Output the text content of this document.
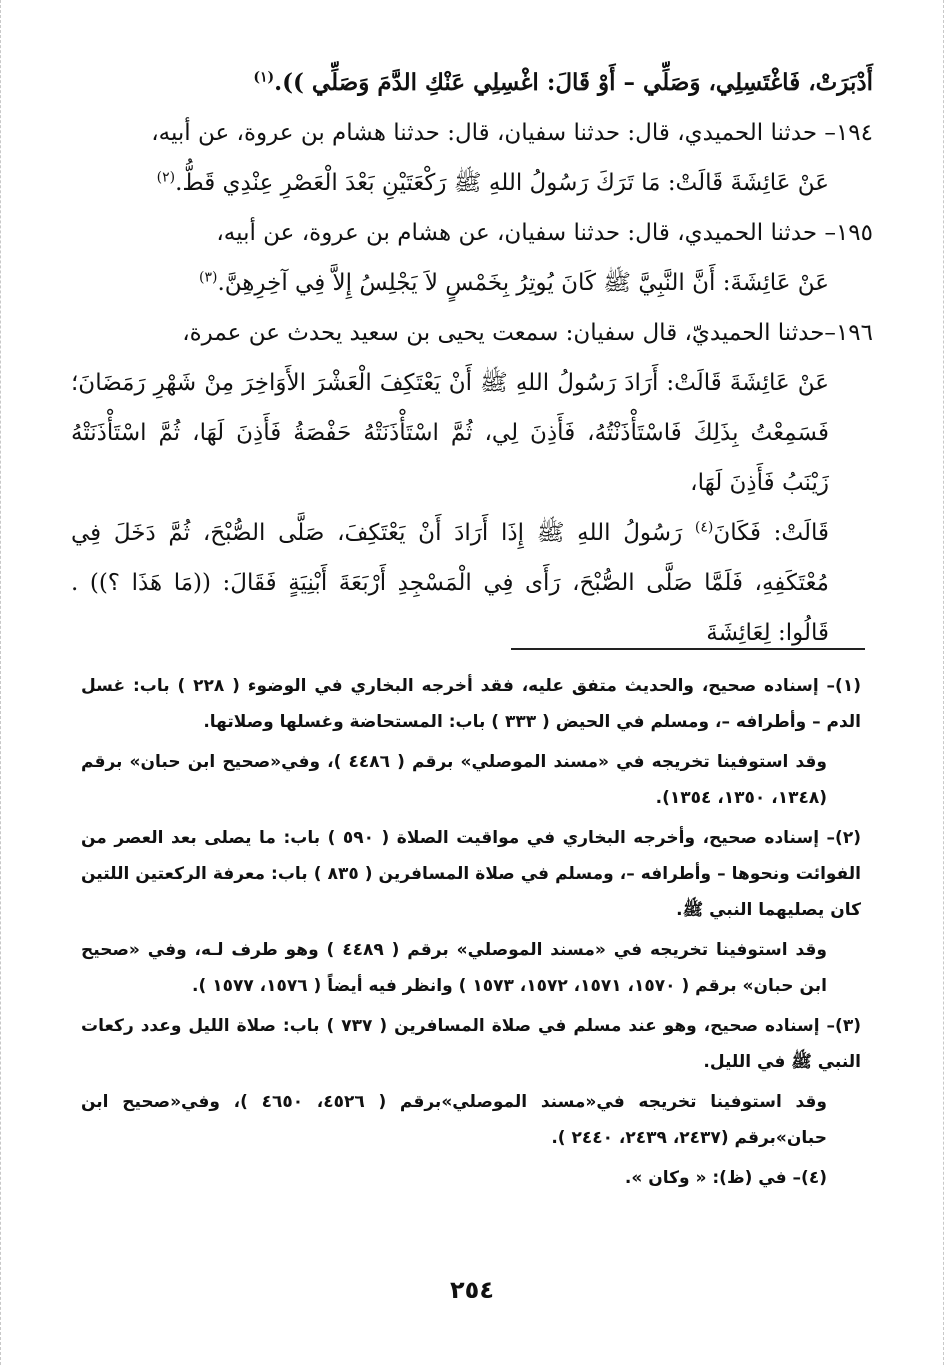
أَدْبَرَتْ، فَاغْتَسِلِي، وَصَلِّي – أَوْ قَالَ: اغْسِلِي عَنْكِ الدَّمَ وَصَلِّي )).$^{(١)}$

١٩٤– حدثنا الحميدي، قال: حدثنا سفيان، قال: حدثنا هشام بن عروة، عن أبيه،

عَنْ عَائِشَةَ قَالَتْ: مَا تَرَكَ رَسُولُ اللهِ ﷺ رَكْعَتَيْنِ بَعْدَ الْعَصْرِ عِنْدِي قَطُّ.$^{(٢)}$

١٩٥– حدثنا الحميدي، قال: حدثنا سفيان، عن هشام بن عروة، عن أبيه،

عَنْ عَائِشَةَ: أَنَّ النَّبِيَّ ﷺ كَانَ يُوتِرُ بِخَمْسٍ لاَ يَجْلِسُ إِلاَّ فِي آخِرِهِنَّ.$^{(٣)}$

١٩٦–حدثنا الحميديّ، قال سفيان: سمعت يحيى بن سعيد يحدث عن عمرة،

عَنْ عَائِشَةَ قَالَتْ: أَرَادَ رَسُولُ اللهِ ﷺ أَنْ يَعْتَكِفَ الْعَشْرَ الأَوَاخِرَ مِنْ شَهْرِ رَمَضَانَ؛ فَسَمِعْتُ بِذَلِكَ فَاسْتَأْذَنْتُهُ، فَأَذِنَ لِي، ثُمَّ اسْتَأْذَنَتْهُ حَفْصَةُ فَأَذِنَ لَهَا، ثُمَّ اسْتَأْذَنَتْهُ زَيْنَبُ فَأَذِنَ لَهَا،

قَالَتْ: فَكَانَ$^{(٤)}$ رَسُولُ اللهِ ﷺ إِذَا أَرَادَ أَنْ يَعْتَكِفَ، صَلَّى الصُّبْحَ، ثُمَّ دَخَلَ فِي مُعْتَكَفِهِ، فَلَمَّا صَلَّى الصُّبْحَ، رَأَى فِي الْمَسْجِدِ أَرْبَعَةَ أَبْنِيَةٍ فَقَالَ: ((مَا هَذَا ؟)) . قَالُوا: لِعَائِشَةَ

(١)– إسناده صحيح، والحديث متفق عليه، فقد أخرجه البخاري في الوضوء ( ٢٢٨ ) باب: غسل الدم – وأطرافه –، ومسلم في الحيض ( ٣٣٣ ) باب: المستحاضة وغسلها وصلاتها.

وقد استوفينا تخريجه في «مسند الموصلي» برقم ( ٤٤٨٦ )، وفي«صحيح ابن حبان» برقم (١٣٤٨، ١٣٥٠، ١٣٥٤).

(٢)– إسناده صحيح، وأخرجه البخاري في مواقيت الصلاة ( ٥٩٠ ) باب: ما يصلى بعد العصر من الفوائت ونحوها – وأطرافه –، ومسلم في صلاة المسافرين ( ٨٣٥ ) باب: معرفة الركعتين اللتين كان يصليهما النبي ﷺ.

وقد استوفينا تخريجه في «مسند الموصلي» برقم ( ٤٤٨٩ ) وهو طرف لـه، وفي «صحيح ابن حبان» برقم ( ١٥٧٠، ١٥٧١، ١٥٧٢، ١٥٧٣ ) وانظر فيه أيضاً ( ١٥٧٦، ١٥٧٧ ).

(٣)– إسناده صحيح، وهو عند مسلم في صلاة المسافرين ( ٧٣٧ ) باب: صلاة الليل وعدد ركعات النبي ﷺ في الليل.

وقد استوفينا تخريجه في«مسند الموصلي»برقم ( ٤٥٢٦، ٤٦٥٠ )، وفي«صحيح ابن حبان»برقم (٢٤٣٧، ٢٤٣٩، ٢٤٤٠ ).

(٤)– في (ظ): « وكان ».

٢٥٤
